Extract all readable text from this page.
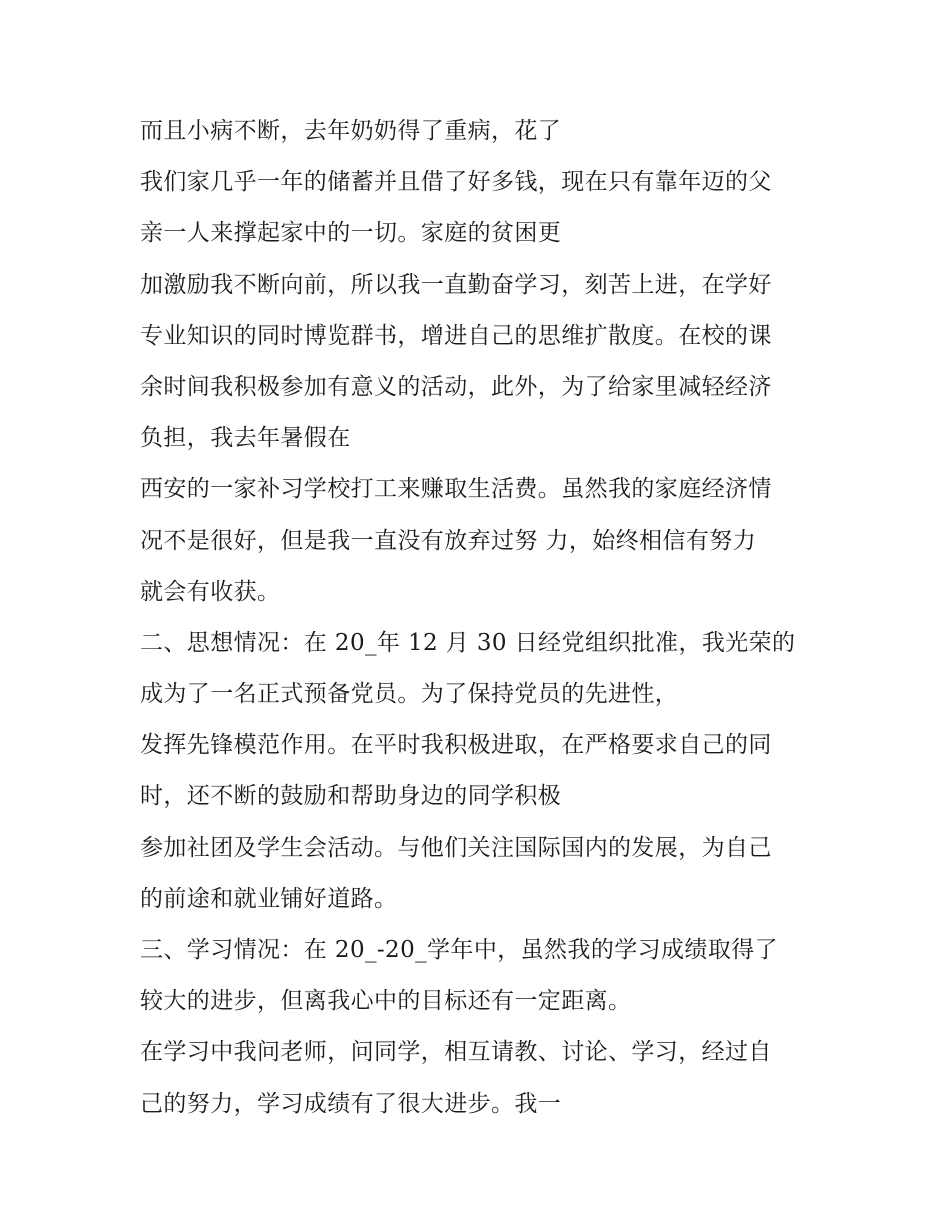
而且小病不断，去年奶奶得了重病，花了
我们家几乎一年的储蓄并且借了好多钱，现在只有靠年迈的父
亲一人来撑起家中的一切。家庭的贫困更
加激励我不断向前，所以我一直勤奋学习，刻苦上进，在学好
专业知识的同时博览群书，增进自己的思维扩散度。在校的课
余时间我积极参加有意义的活动，此外，为了给家里减轻经济
负担，我去年暑假在
西安的一家补习学校打工来赚取生活费。虽然我的家庭经济情
况不是很好，但是我一直没有放弃过努 力，始终相信有努力
就会有收获。
二、思想情况：在 20_年 12 月 30 日经党组织批准，我光荣的
成为了一名正式预备党员。为了保持党员的先进性，
发挥先锋模范作用。在平时我积极进取，在严格要求自己的同
时，还不断的鼓励和帮助身边的同学积极
参加社团及学生会活动。与他们关注国际国内的发展，为自己
的前途和就业铺好道路。
三、学习情况：在 20_-20_学年中，虽然我的学习成绩取得了
较大的进步，但离我心中的目标还有一定距离。
在学习中我问老师，问同学，相互请教、讨论、学习，经过自
己的努力，学习成绩有了很大进步。我一
